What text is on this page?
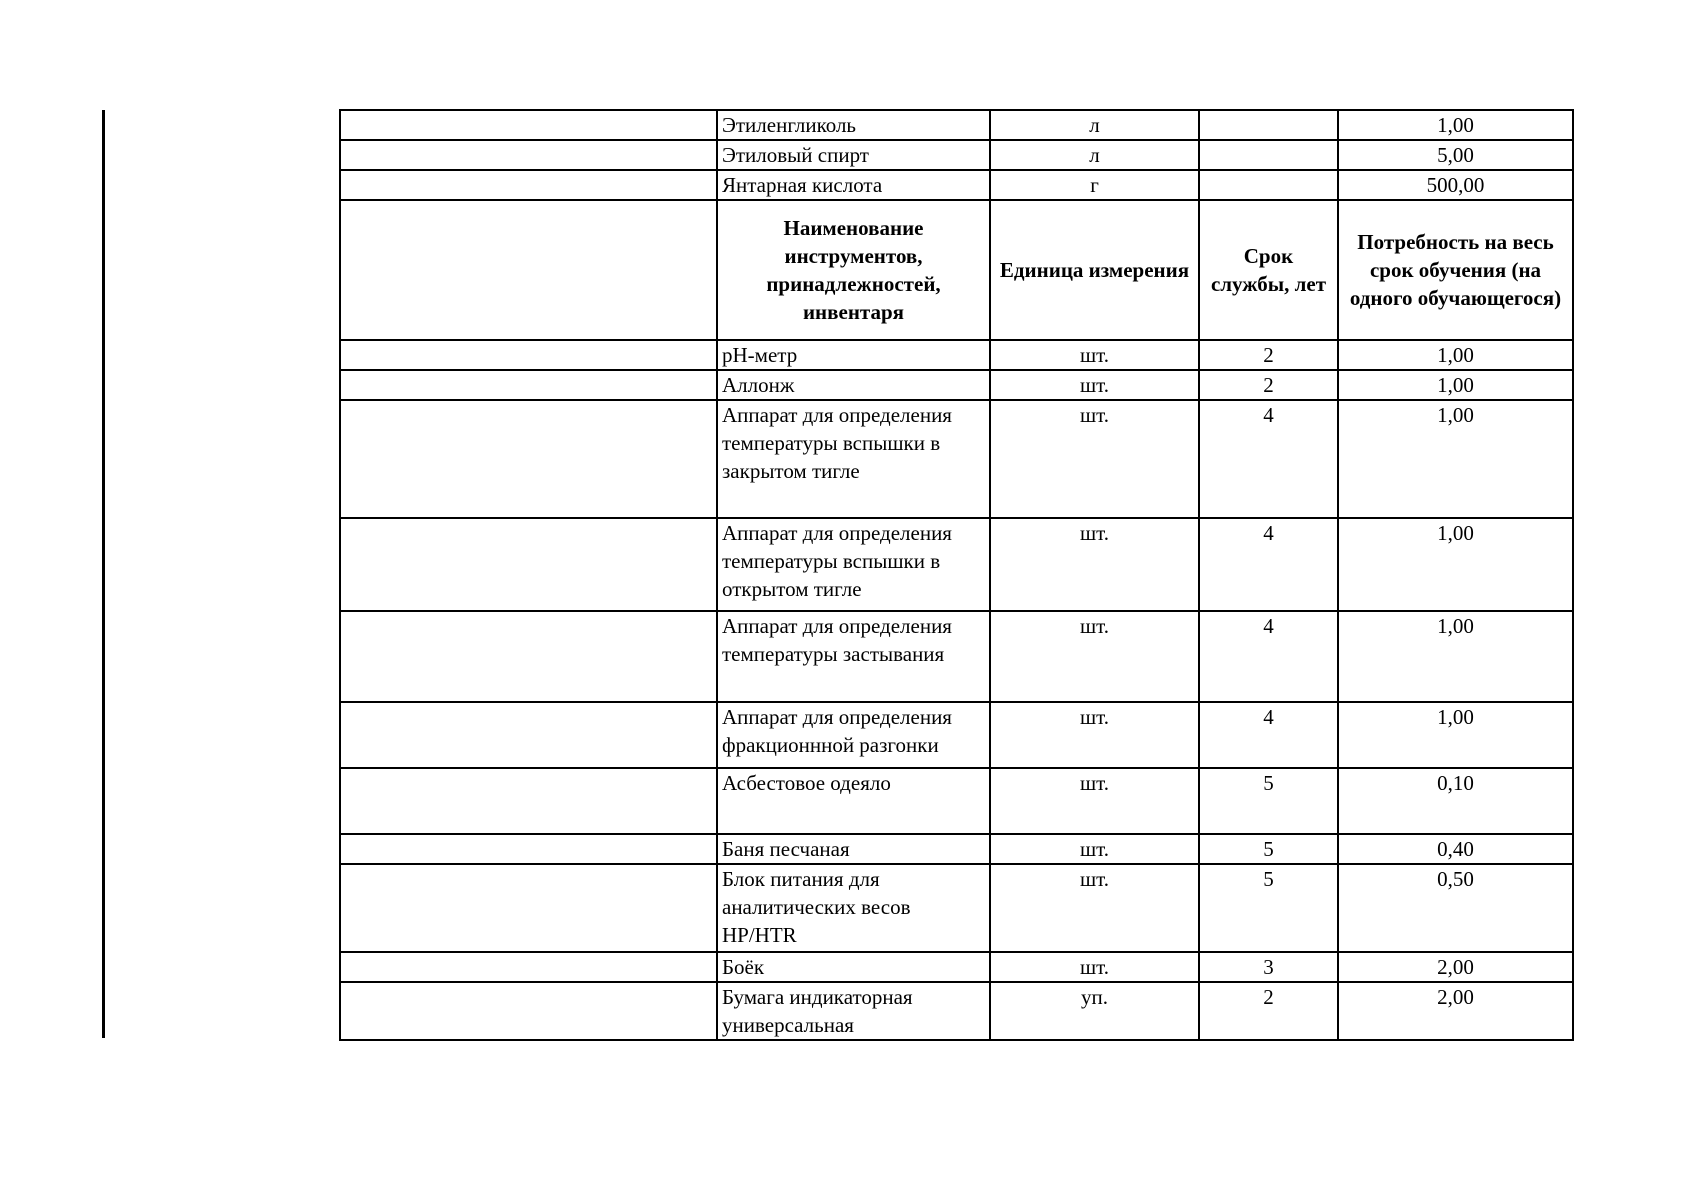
	Этиленгликоль	л		1,00
	Этиловый спирт	л		5,00
	Янтарная кислота	г		500,00
	Наименование инструментов, принадлежностей, инвентаря	Единица измерения	Срок службы, лет	Потребность на весь срок обучения (на одного обучающегося)
	pH-метр	шт.	2	1,00
	Аллонж	шт.	2	1,00
	Аппарат для определения температуры вспышки в закрытом тигле	шт.	4	1,00
	Аппарат для определения температуры вспышки в открытом тигле	шт.	4	1,00
	Аппарат для определения температуры застывания	шт.	4	1,00
	Аппарат для определения фракционнной разгонки	шт.	4	1,00
	Асбестовое одеяло	шт.	5	0,10
	Баня песчаная	шт.	5	0,40
	Блок питания для аналитических весов HP/HTR	шт.	5	0,50
	Боёк	шт.	3	2,00
	Бумага индикаторная универсальная	уп.	2	2,00
